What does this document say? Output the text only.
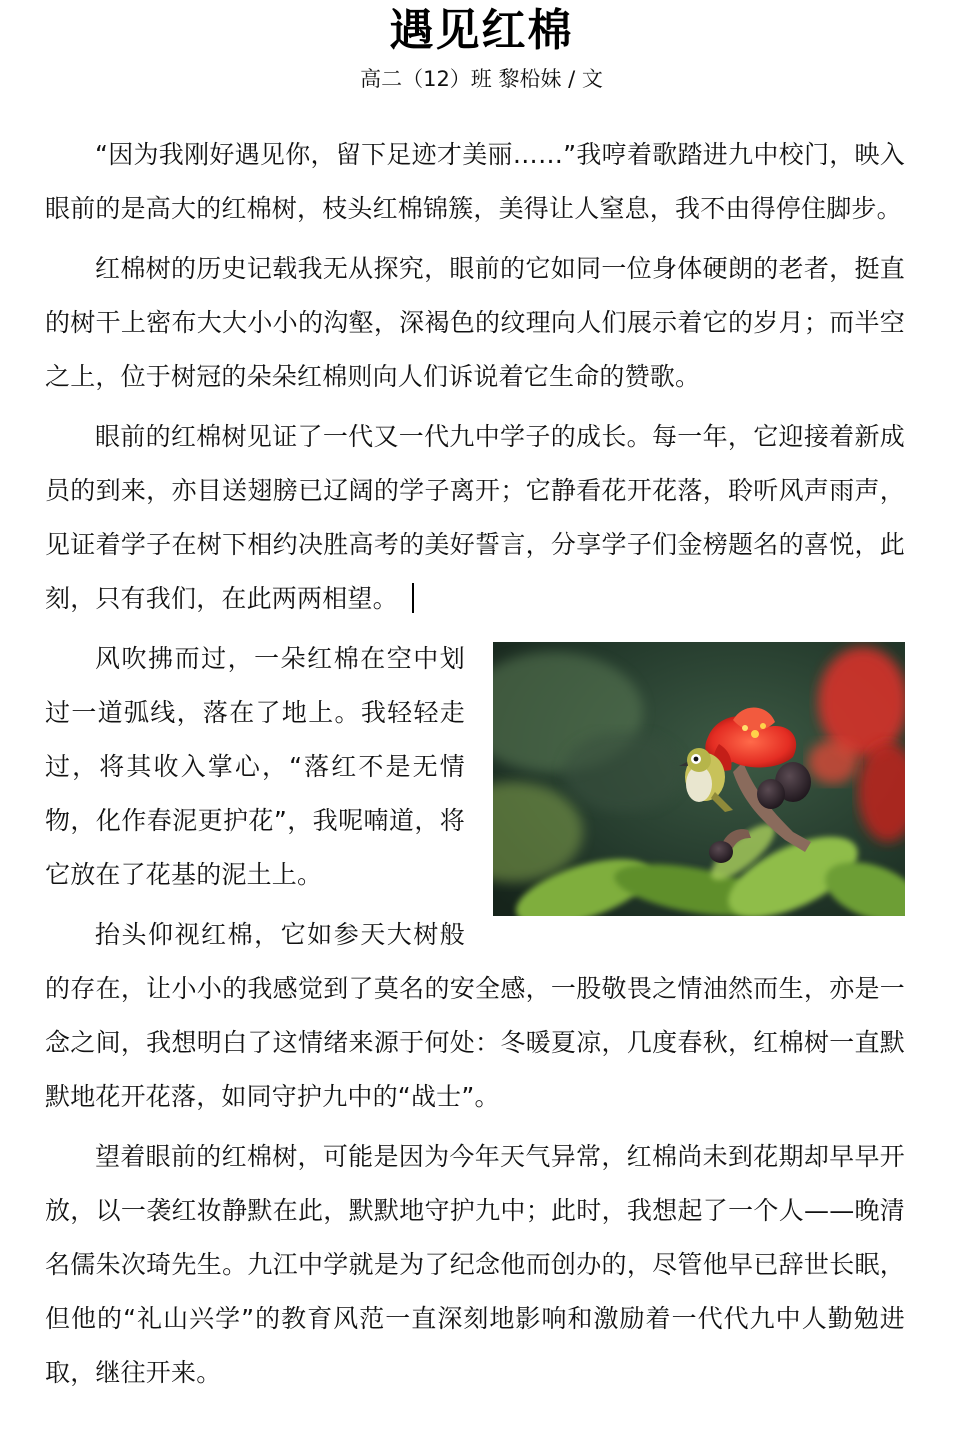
遇见红棉
高二（12）班 黎柗妹 / 文

“因为我刚好遇见你，留下足迹才美丽……”我哼着歌踏进九中校门，映入眼前的是高大的红棉树，枝头红棉锦簇，美得让人窒息，我不由得停住脚步。

红棉树的历史记载我无从探究，眼前的它如同一位身体硬朗的老者，挺直的树干上密布大大小小的沟壑，深褐色的纹理向人们展示着它的岁月；而半空之上，位于树冠的朵朵红棉则向人们诉说着它生命的赞歌。

眼前的红棉树见证了一代又一代九中学子的成长。每一年，它迎接着新成员的到来，亦目送翅膀已辽阔的学子离开；它静看花开花落，聆听风声雨声，见证着学子在树下相约决胜高考的美好誓言，分享学子们金榜题名的喜悦，此刻，只有我们，在此两两相望。

风吹拂而过，一朵红棉在空中划过一道弧线，落在了地上。我轻轻走过，将其收入掌心，“落红不是无情物，化作春泥更护花”，我呢喃道，将它放在了花基的泥土上。

抬头仰视红棉，它如参天大树般的存在，让小小的我感觉到了莫名的安全感，一股敬畏之情油然而生，亦是一念之间，我想明白了这情绪来源于何处：冬暖夏凉，几度春秋，红棉树一直默默地花开花落，如同守护九中的“战士”。

望着眼前的红棉树，可能是因为今年天气异常，红棉尚未到花期却早早开放，以一袭红妆静默在此，默默地守护九中；此时，我想起了一个人——晚清名儒朱次琦先生。九江中学就是为了纪念他而创办的，尽管他早已辞世长眠，但他的“礼山兴学”的教育风范一直深刻地影响和激励着一代代九中人勤勉进取，继往开来。
